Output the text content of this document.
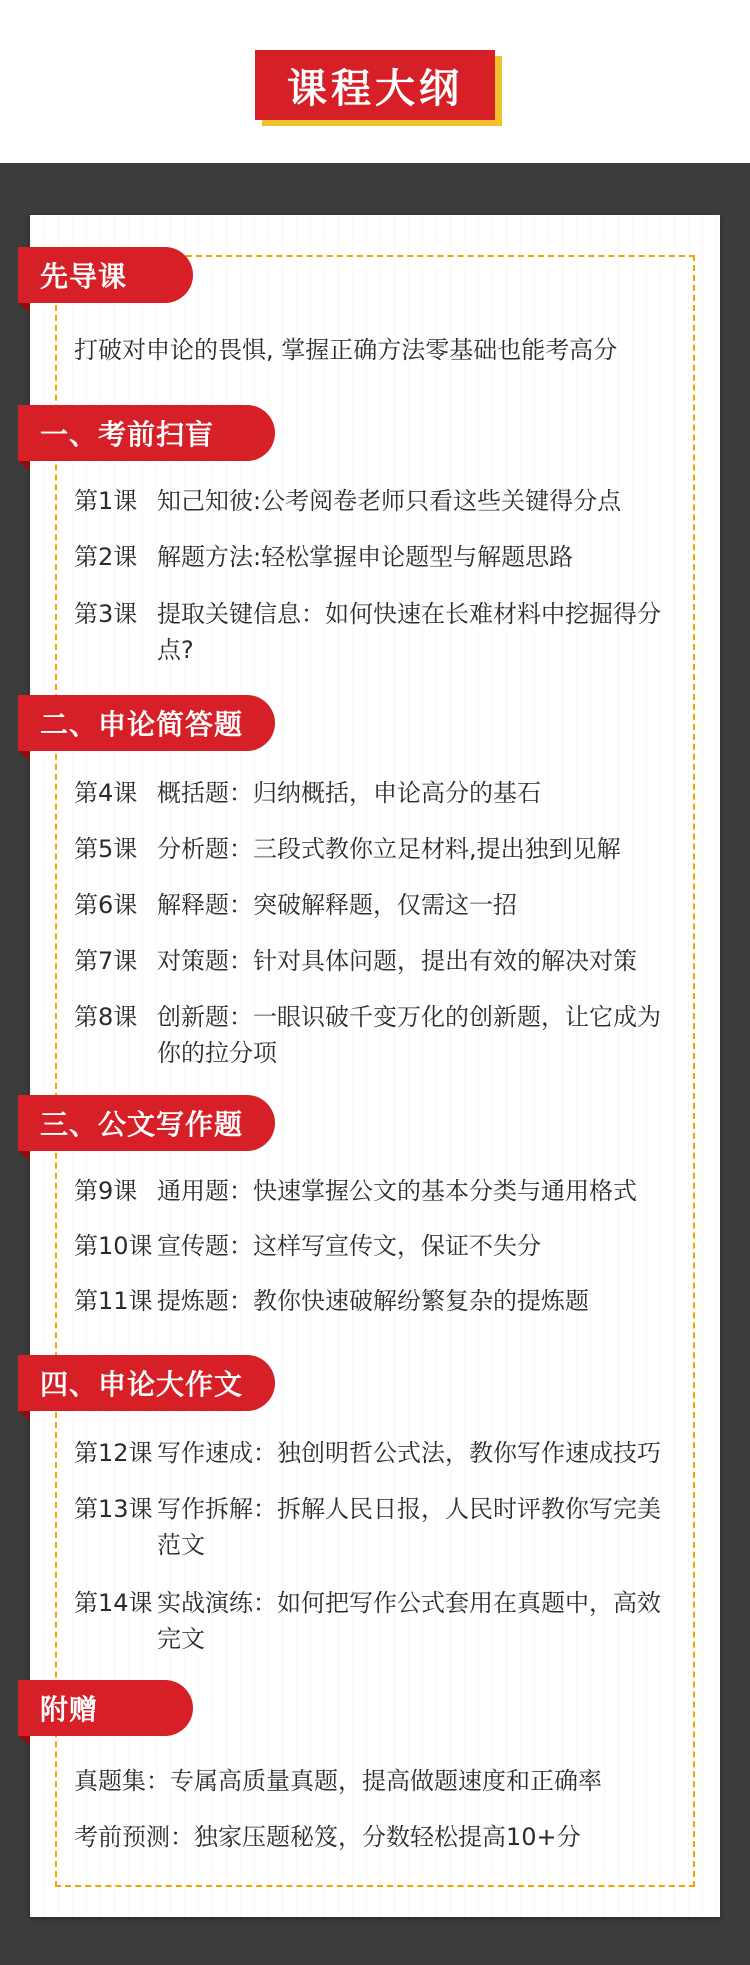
课程大纲
先导课
打破对申论的畏惧, 掌握正确方法零基础也能考高分
一、考前扫盲
第1课 知己知彼:公考阅卷老师只看这些关键得分点
第2课 解题方法:轻松掌握申论题型与解题思路
第3课 提取关键信息：如何快速在长难材料中挖掘得分点?
二、申论简答题
第4课 概括题：归纳概括，申论高分的基石
第5课 分析题：三段式教你立足材料,提出独到见解
第6课 解释题：突破解释题，仅需这一招
第7课 对策题：针对具体问题，提出有效的解决对策
第8课 创新题：一眼识破千变万化的创新题，让它成为你的拉分项
三、公文写作题
第9课 通用题：快速掌握公文的基本分类与通用格式
第10课 宣传题：这样写宣传文，保证不失分
第11课 提炼题：教你快速破解纷繁复杂的提炼题
四、申论大作文
第12课 写作速成：独创明哲公式法，教你写作速成技巧
第13课 写作拆解：拆解人民日报，人民时评教你写完美范文
第14课 实战演练：如何把写作公式套用在真题中，高效完文
附赠
真题集：专属高质量真题，提高做题速度和正确率
考前预测：独家压题秘笈，分数轻松提高10+分
